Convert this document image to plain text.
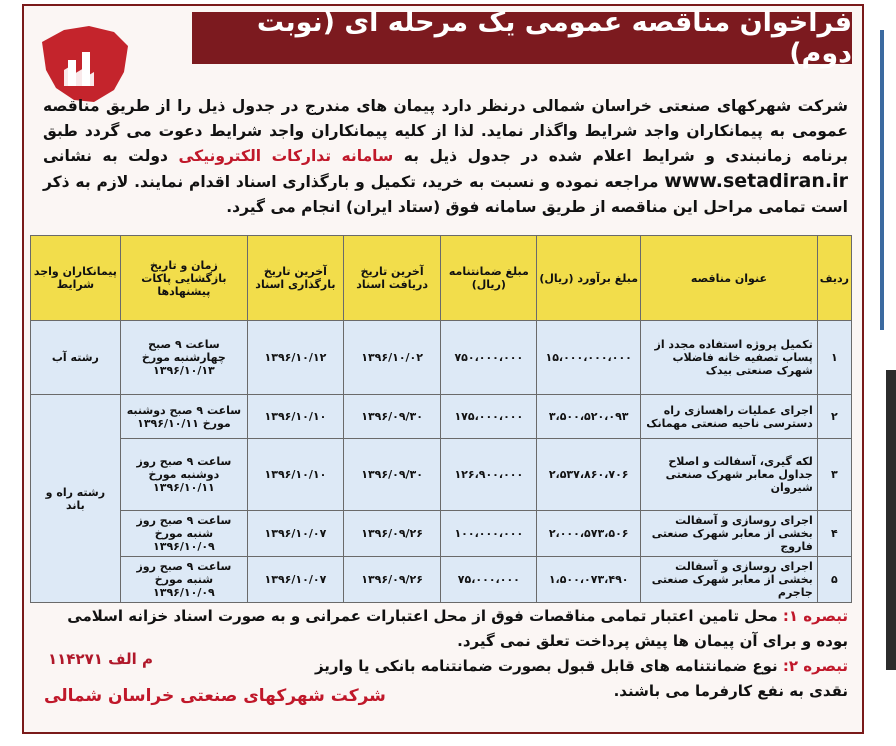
فراخوان مناقصه عمومی یک مرحله ای (نوبت دوم)
شرکت شهرکهای صنعتی خراسان شمالی درنظر دارد پیمان های مندرج در جدول ذیل را از طریق مناقصه عمومی به پیمانکاران واجد شرایط واگذار نماید. لذا از کلیه پیمانکاران واجد شرایط دعوت می گردد طبق برنامه زمانبندی و شرایط اعلام شده در جدول ذیل به سامانه تدارکات الکترونیکی دولت به نشانی www.setadiran.ir مراجعه نموده و نسبت به خرید، تکمیل و بارگذاری اسناد اقدام نمایند. لازم به ذکر است تمامی مراحل این مناقصه از طریق سامانه فوق (ستاد ایران) انجام می گیرد.
ردیف	عنوان مناقصه	مبلغ برآورد (ریال)	مبلغ ضمانتنامه (ریال)	آخرین تاریخ دریافت اسناد	آخرین تاریخ بارگذاری اسناد	زمان و تاریخ بازگشایی پاکات پیشنهادها	پیمانکاران واجد شرایط
۱	تکمیل پروژه استفاده مجدد از پساب تصفیه خانه فاضلاب شهرک صنعتی بیدک	۱۵،۰۰۰،۰۰۰،۰۰۰	۷۵۰،۰۰۰،۰۰۰	۱۳۹۶/۱۰/۰۲	۱۳۹۶/۱۰/۱۲	ساعت ۹ صبح چهارشنبه مورخ ۱۳۹۶/۱۰/۱۳	رشته آب
۲	اجرای عملیات راهسازی راه دسترسی ناحیه صنعتی مهمانک	۳،۵۰۰،۵۲۰،۰۹۳	۱۷۵،۰۰۰،۰۰۰	۱۳۹۶/۰۹/۳۰	۱۳۹۶/۱۰/۱۰	ساعت ۹ صبح دوشنبه مورخ ۱۳۹۶/۱۰/۱۱	رشته راه و باند
۳	لکه گیری، آسفالت و اصلاح جداول معابر شهرک صنعتی شیروان	۲،۵۳۷،۸۶۰،۷۰۶	۱۲۶،۹۰۰،۰۰۰	۱۳۹۶/۰۹/۳۰	۱۳۹۶/۱۰/۱۰	ساعت ۹ صبح روز دوشنبه مورخ ۱۳۹۶/۱۰/۱۱	
۴	اجرای روسازی و آسفالت بخشی از معابر شهرک صنعتی فاروج	۲،۰۰۰،۵۷۳،۵۰۶	۱۰۰،۰۰۰،۰۰۰	۱۳۹۶/۰۹/۲۶	۱۳۹۶/۱۰/۰۷	ساعت ۹ صبح روز شنبه مورخ ۱۳۹۶/۱۰/۰۹	
۵	اجرای روسازی و آسفالت بخشی از معابر شهرک صنعتی جاجرم	۱،۵۰۰،۰۷۳،۴۹۰	۷۵،۰۰۰،۰۰۰	۱۳۹۶/۰۹/۲۶	۱۳۹۶/۱۰/۰۷	ساعت ۹ صبح روز شنبه مورخ ۱۳۹۶/۱۰/۰۹	
تبصره ۱: محل تامین اعتبار تمامی مناقصات فوق از محل اعتبارات عمرانی و به صورت اسناد خزانه اسلامی بوده و برای آن پیمان ها پیش پرداخت تعلق نمی گیرد.
تبصره ۲: نوع ضمانتنامه های قابل قبول بصورت ضمانتنامه بانکی یا واریز نقدی به نفع کارفرما می باشند.
م الف ۱۱۴۲۷۱
شرکت شهرکهای صنعتی خراسان شمالی
